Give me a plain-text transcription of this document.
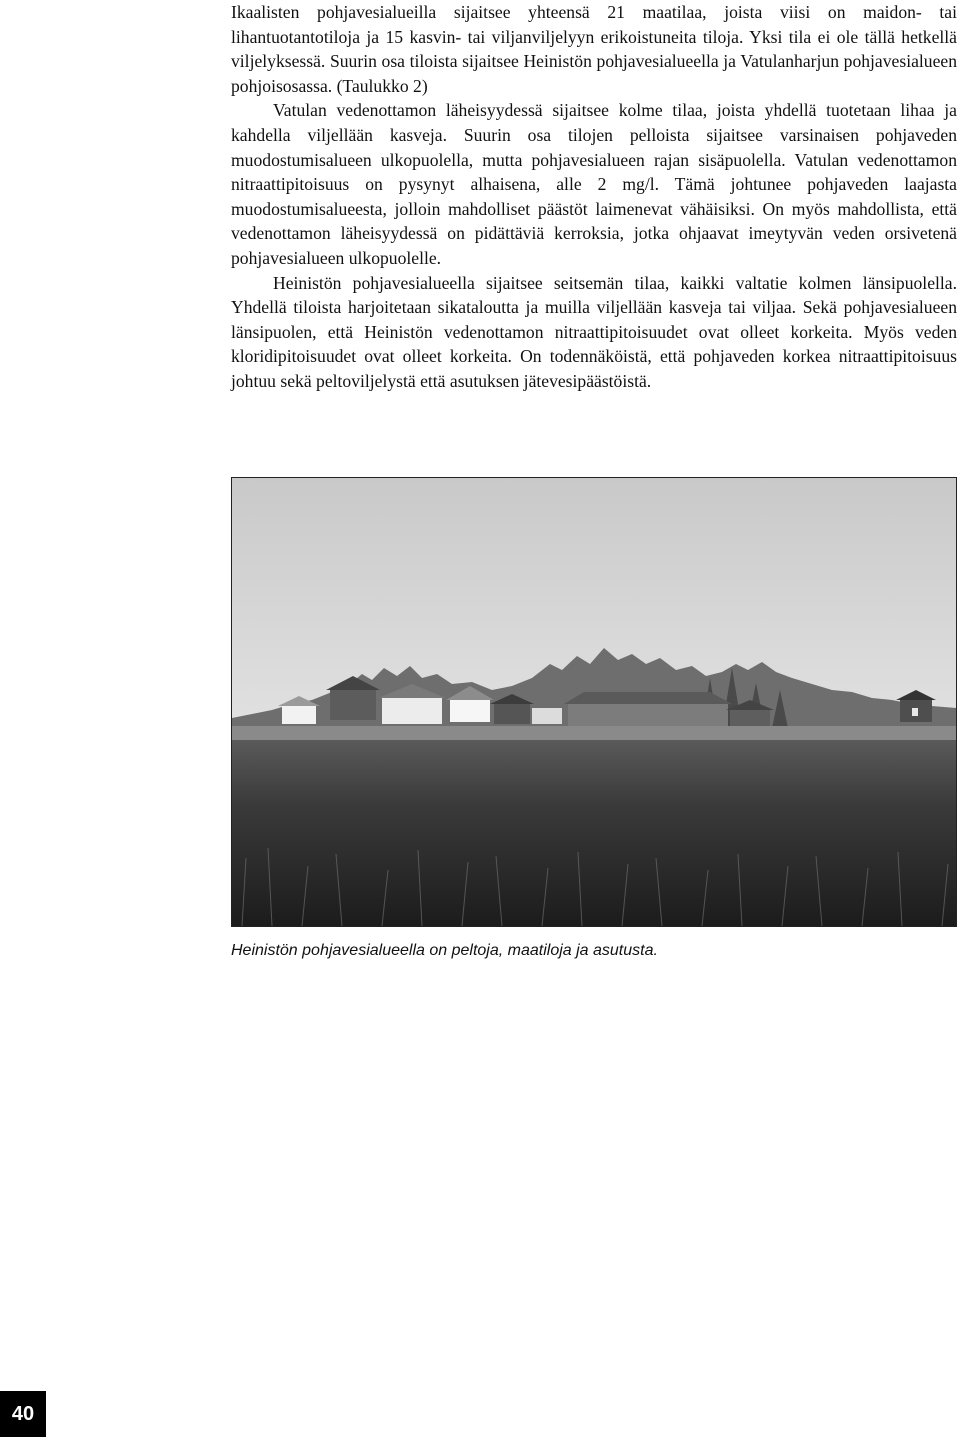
Ikaalisten pohjavesialueilla sijaitsee yhteensä 21 maatilaa, joista viisi on maidon- tai lihantuotantotiloja ja 15 kasvin- tai viljanviljelyyn erikoistuneita tiloja. Yksi tila ei ole tällä hetkellä viljelyksessä. Suurin osa tiloista sijaitsee Heinistön pohjavesialueella ja Vatulanharjun pohjavesialueen pohjoisosassa. (Taulukko 2)

Vatulan vedenottamon läheisyydessä sijaitsee kolme tilaa, joista yhdellä tuotetaan lihaa ja kahdella viljellään kasveja. Suurin osa tilojen pelloista sijaitsee varsinaisen pohjaveden muodostumisalueen ulkopuolella, mutta pohjavesialueen rajan sisäpuolella. Vatulan vedenottamon nitraattipitoisuus on pysynyt alhaisena, alle 2 mg/l. Tämä johtunee pohjaveden laajasta muodostumisalueesta, jolloin mahdolliset päästöt laimenevat vähäisiksi. On myös mahdollista, että vedenottamon läheisyydessä on pidättäviä kerroksia, jotka ohjaavat imeytyvän veden orsivetenä pohjavesialueen ulkopuolelle.

Heinistön pohjavesialueella sijaitsee seitsemän tilaa, kaikki valtatie kolmen länsipuolella. Yhdellä tiloista harjoitetaan sikataloutta ja muilla viljellään kasveja tai viljaa. Sekä pohjavesialueen länsipuolen, että Heinistön vedenottamon nitraattipitoisuudet ovat olleet korkeita. Myös veden kloridipitoisuudet ovat olleet korkeita. On todennäköistä, että pohjaveden korkea nitraattipitoisuus johtuu sekä peltoviljelystä että asutuksen jätevesipäästöistä.

Heinistön pohjavesialueella on peltoja, maatiloja ja asutusta.
40
